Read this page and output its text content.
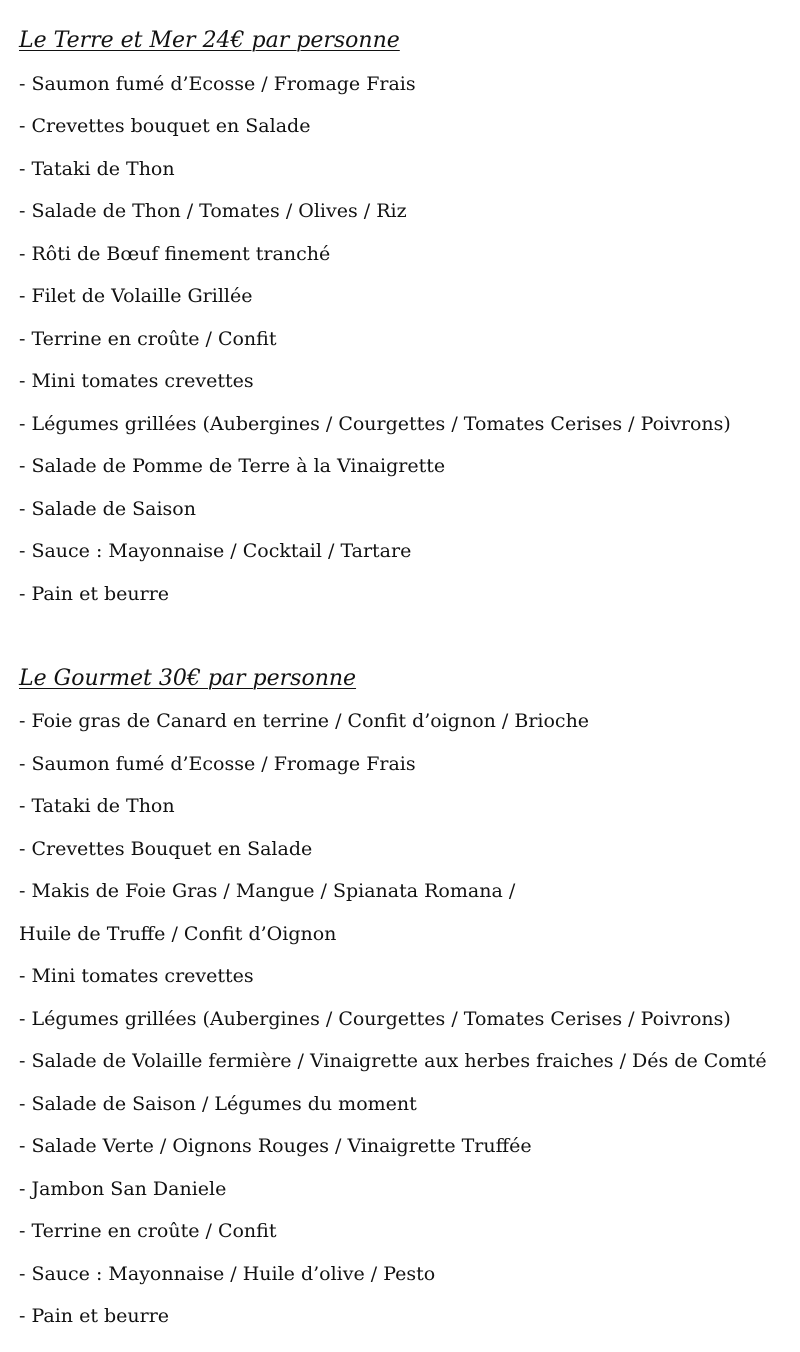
Le Terre et Mer 24€ par personne
- Saumon fumé d’Ecosse / Fromage Frais
- Crevettes bouquet en Salade
- Tataki de Thon
- Salade de Thon / Tomates / Olives / Riz
- Rôti de Bœuf finement tranché
- Filet de Volaille Grillée
- Terrine en croûte / Confit
- Mini tomates crevettes
- Légumes grillées (Aubergines / Courgettes / Tomates Cerises / Poivrons)
- Salade de Pomme de Terre à la Vinaigrette
- Salade de Saison
- Sauce : Mayonnaise / Cocktail / Tartare
- Pain et beurre
Le Gourmet 30€ par personne
- Foie gras de Canard en terrine / Confit d’oignon / Brioche
- Saumon fumé d’Ecosse / Fromage Frais
- Tataki de Thon
- Crevettes Bouquet en Salade
- Makis de Foie Gras / Mangue / Spianata Romana /
Huile de Truffe / Confit d’Oignon
- Mini tomates crevettes
- Légumes grillées (Aubergines / Courgettes / Tomates Cerises / Poivrons)
- Salade de Volaille fermière / Vinaigrette aux herbes fraiches / Dés de Comté
- Salade de Saison / Légumes du moment
- Salade Verte / Oignons Rouges / Vinaigrette Truffée
- Jambon San Daniele
- Terrine en croûte / Confit
- Sauce : Mayonnaise / Huile d’olive / Pesto
- Pain et beurre
